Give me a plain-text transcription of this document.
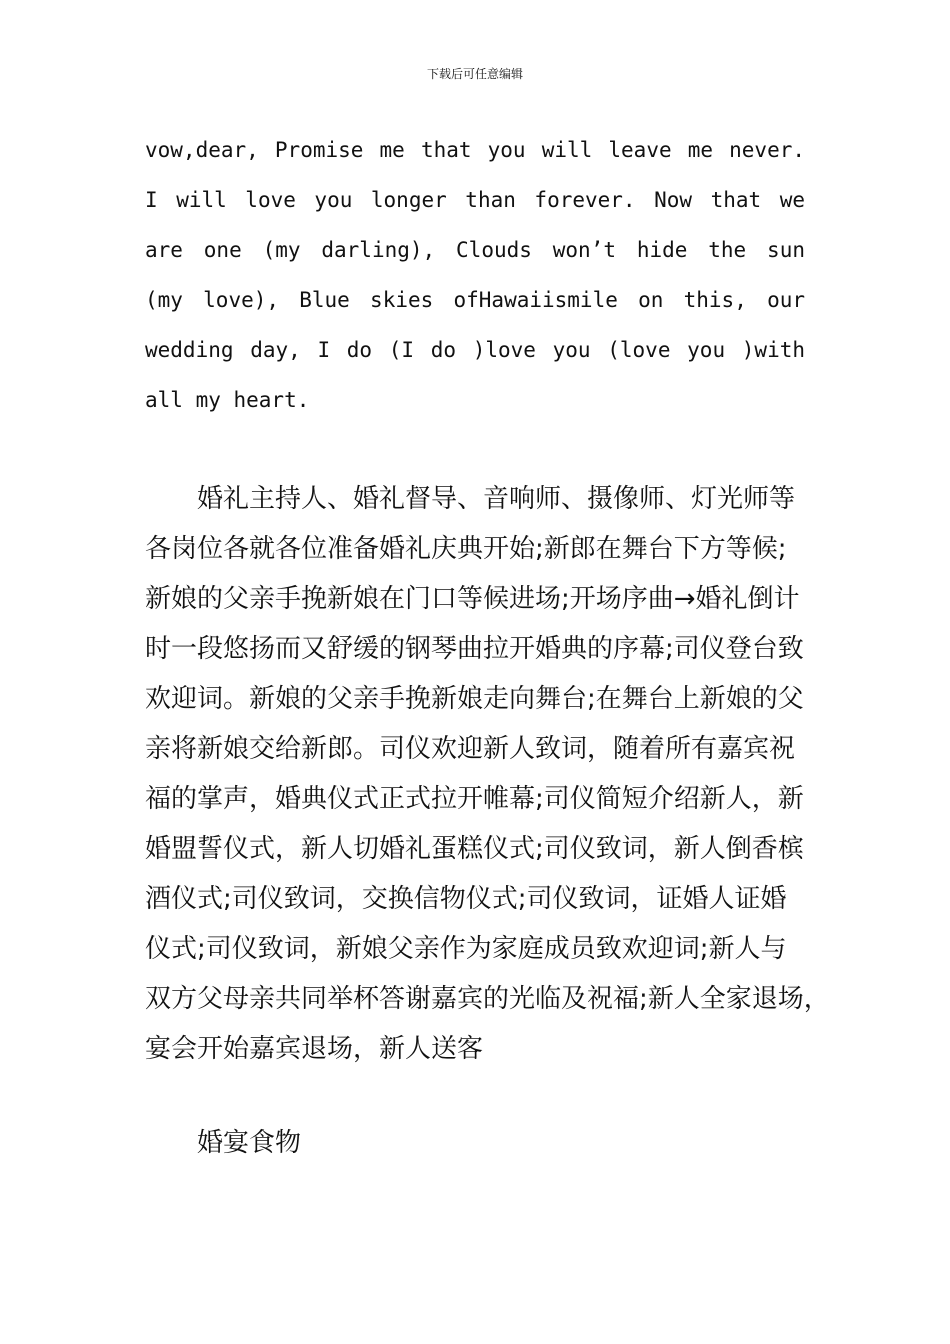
下载后可任意编辑
vow,dear, Promise me that you will leave me never.
I will love you longer than forever. Now that we
are one (my darling), Clouds won’t hide the sun
(my love), Blue skies ofHawaiismile on this, our
wedding day, I do (I do )love you (love you )with
all my heart.
婚礼主持人、婚礼督导、音响师、摄像师、灯光师等
各岗位各就各位准备婚礼庆典开始;新郎在舞台下方等候;
新娘的父亲手挽新娘在门口等候进场;开场序曲→婚礼倒计
时一段悠扬而又舒缓的钢琴曲拉开婚典的序幕;司仪登台致
欢迎词。新娘的父亲手挽新娘走向舞台;在舞台上新娘的父
亲将新娘交给新郎。司仪欢迎新人致词，随着所有嘉宾祝
福的掌声，婚典仪式正式拉开帷幕;司仪简短介绍新人，新
婚盟誓仪式，新人切婚礼蛋糕仪式;司仪致词，新人倒香槟
酒仪式;司仪致词，交换信物仪式;司仪致词，证婚人证婚
仪式;司仪致词，新娘父亲作为家庭成员致欢迎词;新人与
双方父母亲共同举杯答谢嘉宾的光临及祝福;新人全家退场，
宴会开始嘉宾退场，新人送客
婚宴食物
